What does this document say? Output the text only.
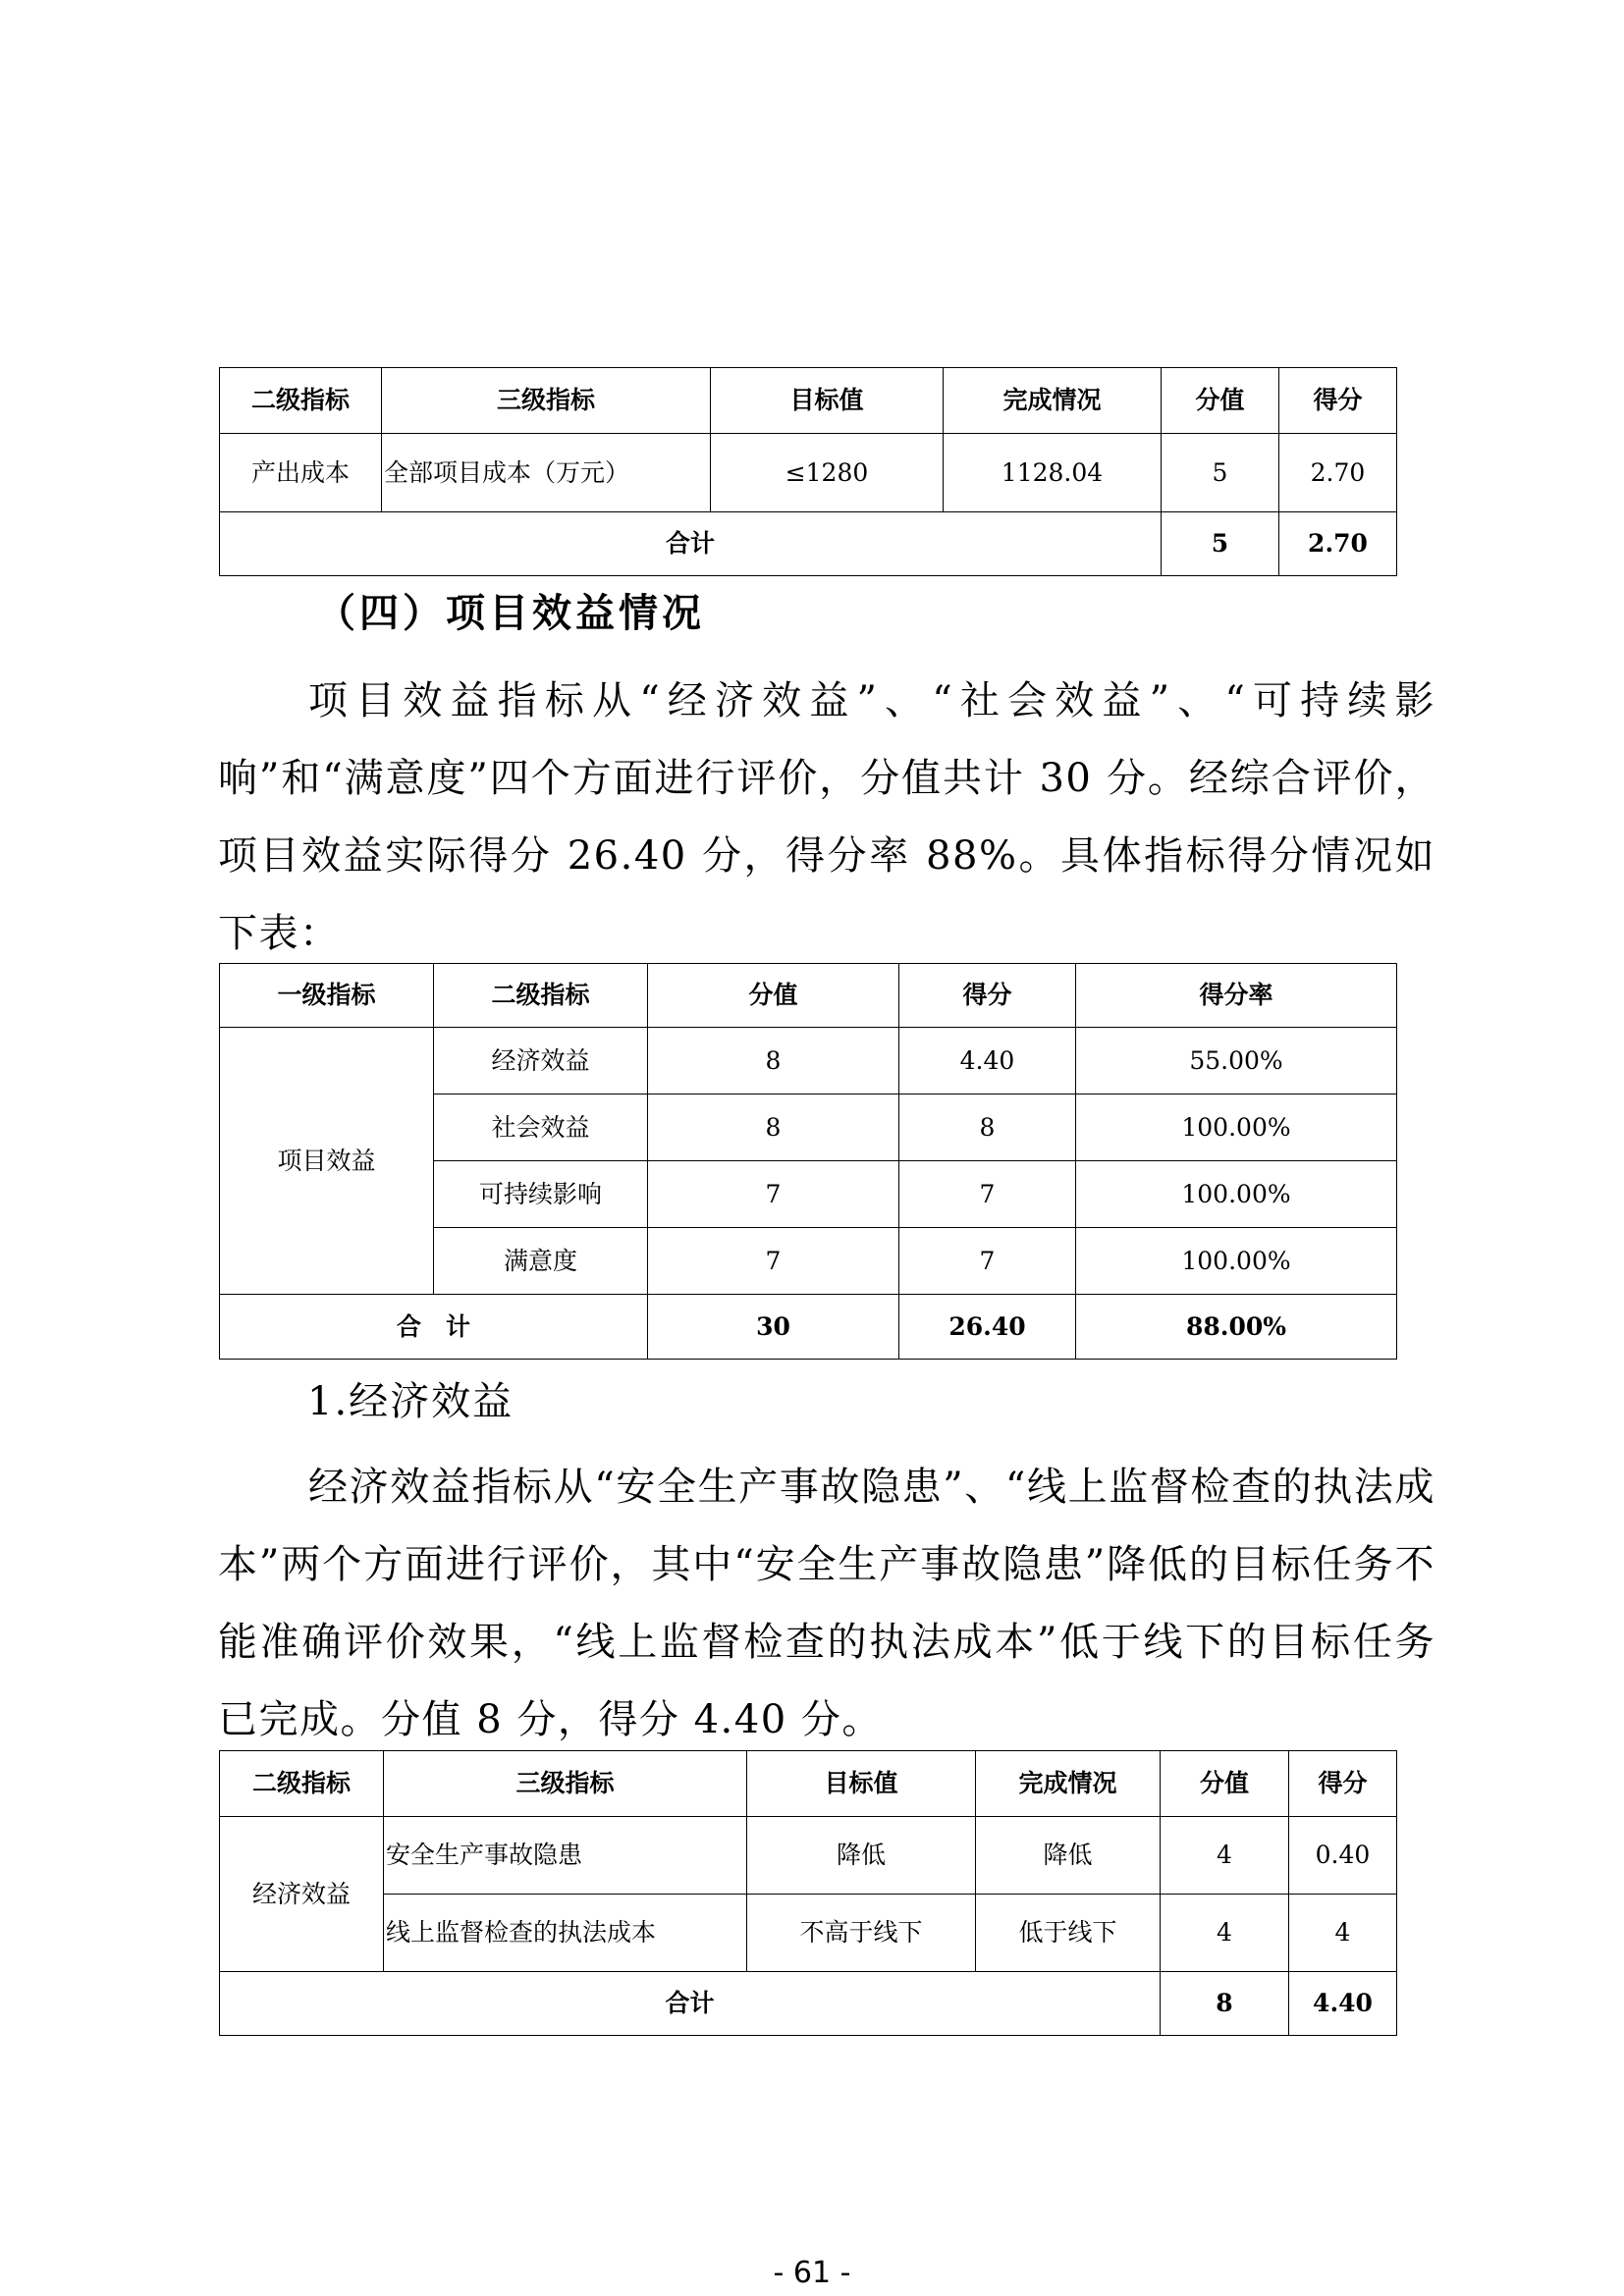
二级指标	三级指标	目标值	完成情况	分值	得分
产出成本	全部项目成本（万元）	≤1280	1128.04	5	2.70
合计				5	2.70
（四）项目效益情况

项目效益指标从“经济效益”、“社会效益”、“可持续影响”和“满意度”四个方面进行评价，分值共计 30 分。经综合评价，项目效益实际得分 26.40 分，得分率 88%。具体指标得分情况如下表：

一级指标	二级指标	分值	得分	得分率
项目效益	经济效益	8	4.40	55.00%
	社会效益	8	8	100.00%
	可持续影响	7	7	100.00%
	满意度	7	7	100.00%
合　计		30	26.40	88.00%
1.经济效益

经济效益指标从“安全生产事故隐患”、“线上监督检查的执法成本”两个方面进行评价，其中“安全生产事故隐患”降低的目标任务不能准确评价效果，“线上监督检查的执法成本”低于线下的目标任务已完成。分值 8 分，得分 4.40 分。

二级指标	三级指标	目标值	完成情况	分值	得分
经济效益	安全生产事故隐患	降低	降低	4	0.40
	线上监督检查的执法成本	不高于线下	低于线下	4	4
合计				8	4.40
- 61 -
